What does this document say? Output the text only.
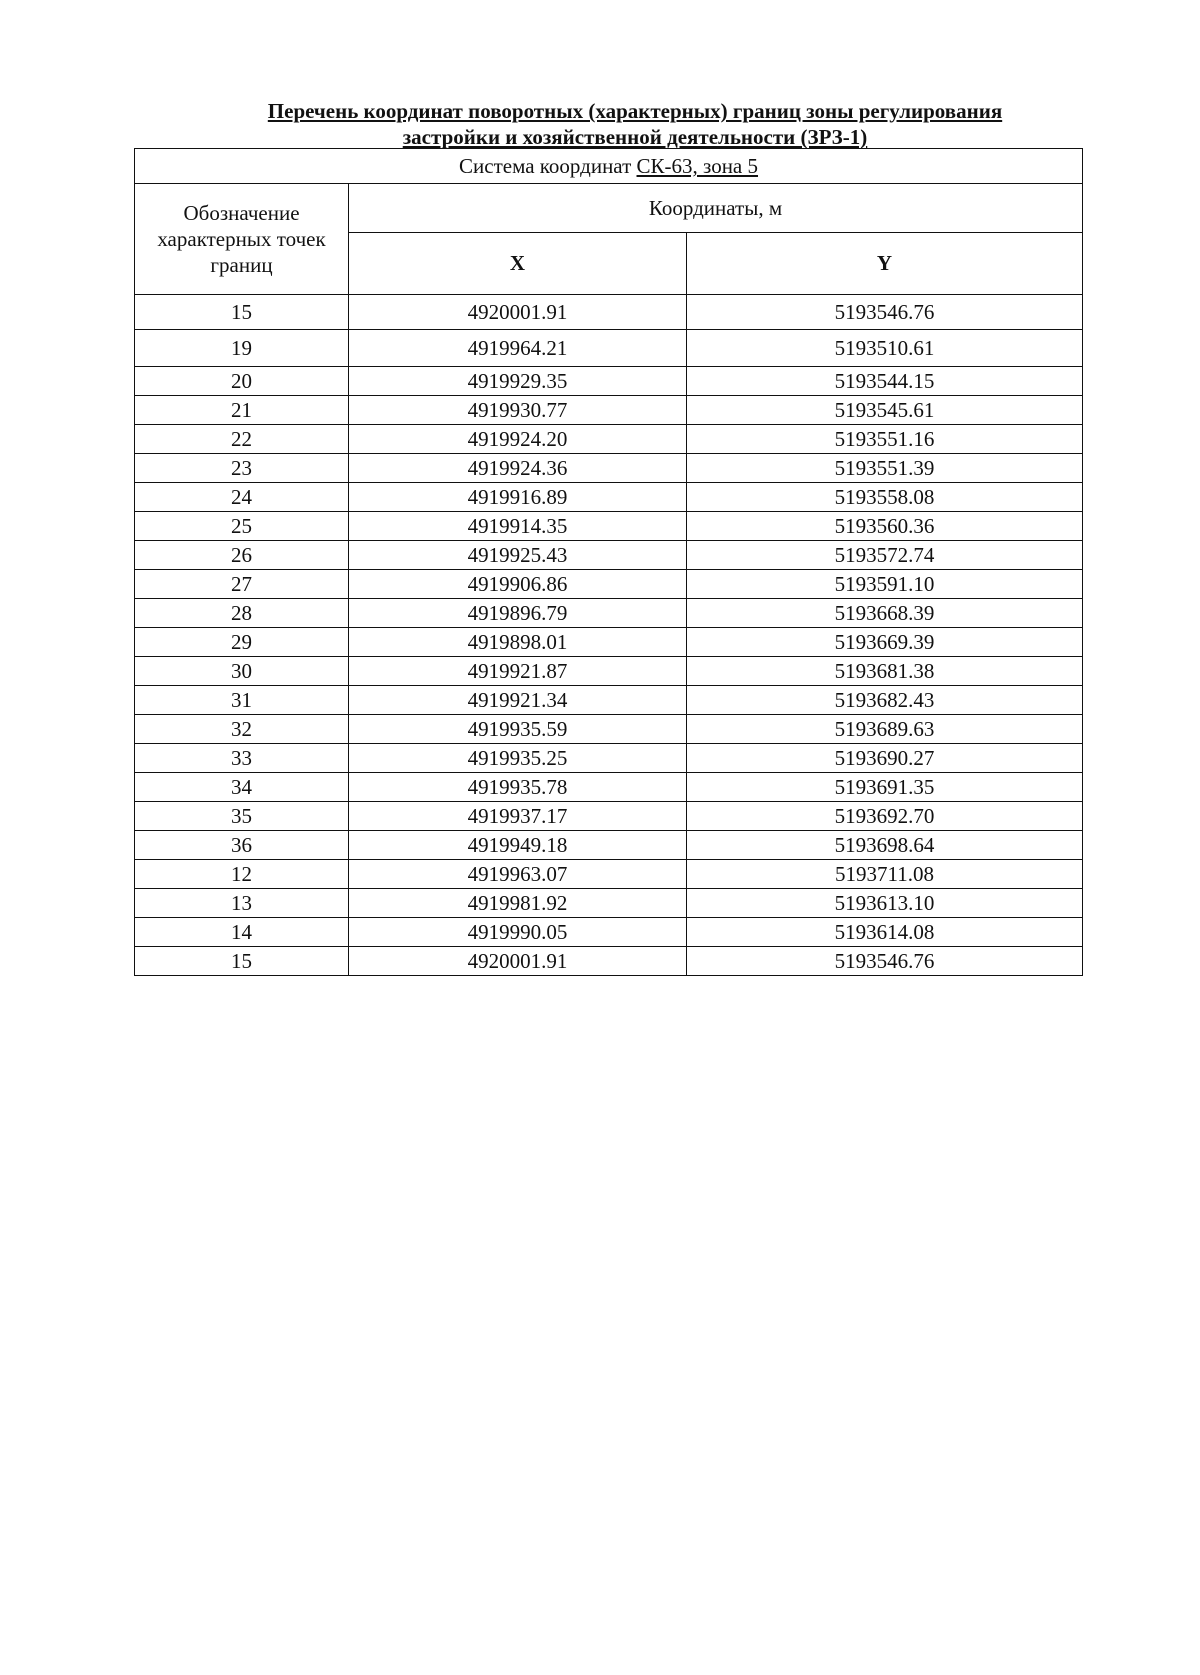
Перечень координат поворотных (характерных) границ зоны регулирования
застройки и хозяйственной деятельности (ЗРЗ-1)
Система координат СК-63, зона 5		
Обозначение характерных точек границ	Координаты, м	
	X	Y
15	4920001.91	5193546.76
19	4919964.21	5193510.61
20	4919929.35	5193544.15
21	4919930.77	5193545.61
22	4919924.20	5193551.16
23	4919924.36	5193551.39
24	4919916.89	5193558.08
25	4919914.35	5193560.36
26	4919925.43	5193572.74
27	4919906.86	5193591.10
28	4919896.79	5193668.39
29	4919898.01	5193669.39
30	4919921.87	5193681.38
31	4919921.34	5193682.43
32	4919935.59	5193689.63
33	4919935.25	5193690.27
34	4919935.78	5193691.35
35	4919937.17	5193692.70
36	4919949.18	5193698.64
12	4919963.07	5193711.08
13	4919981.92	5193613.10
14	4919990.05	5193614.08
15	4920001.91	5193546.76
